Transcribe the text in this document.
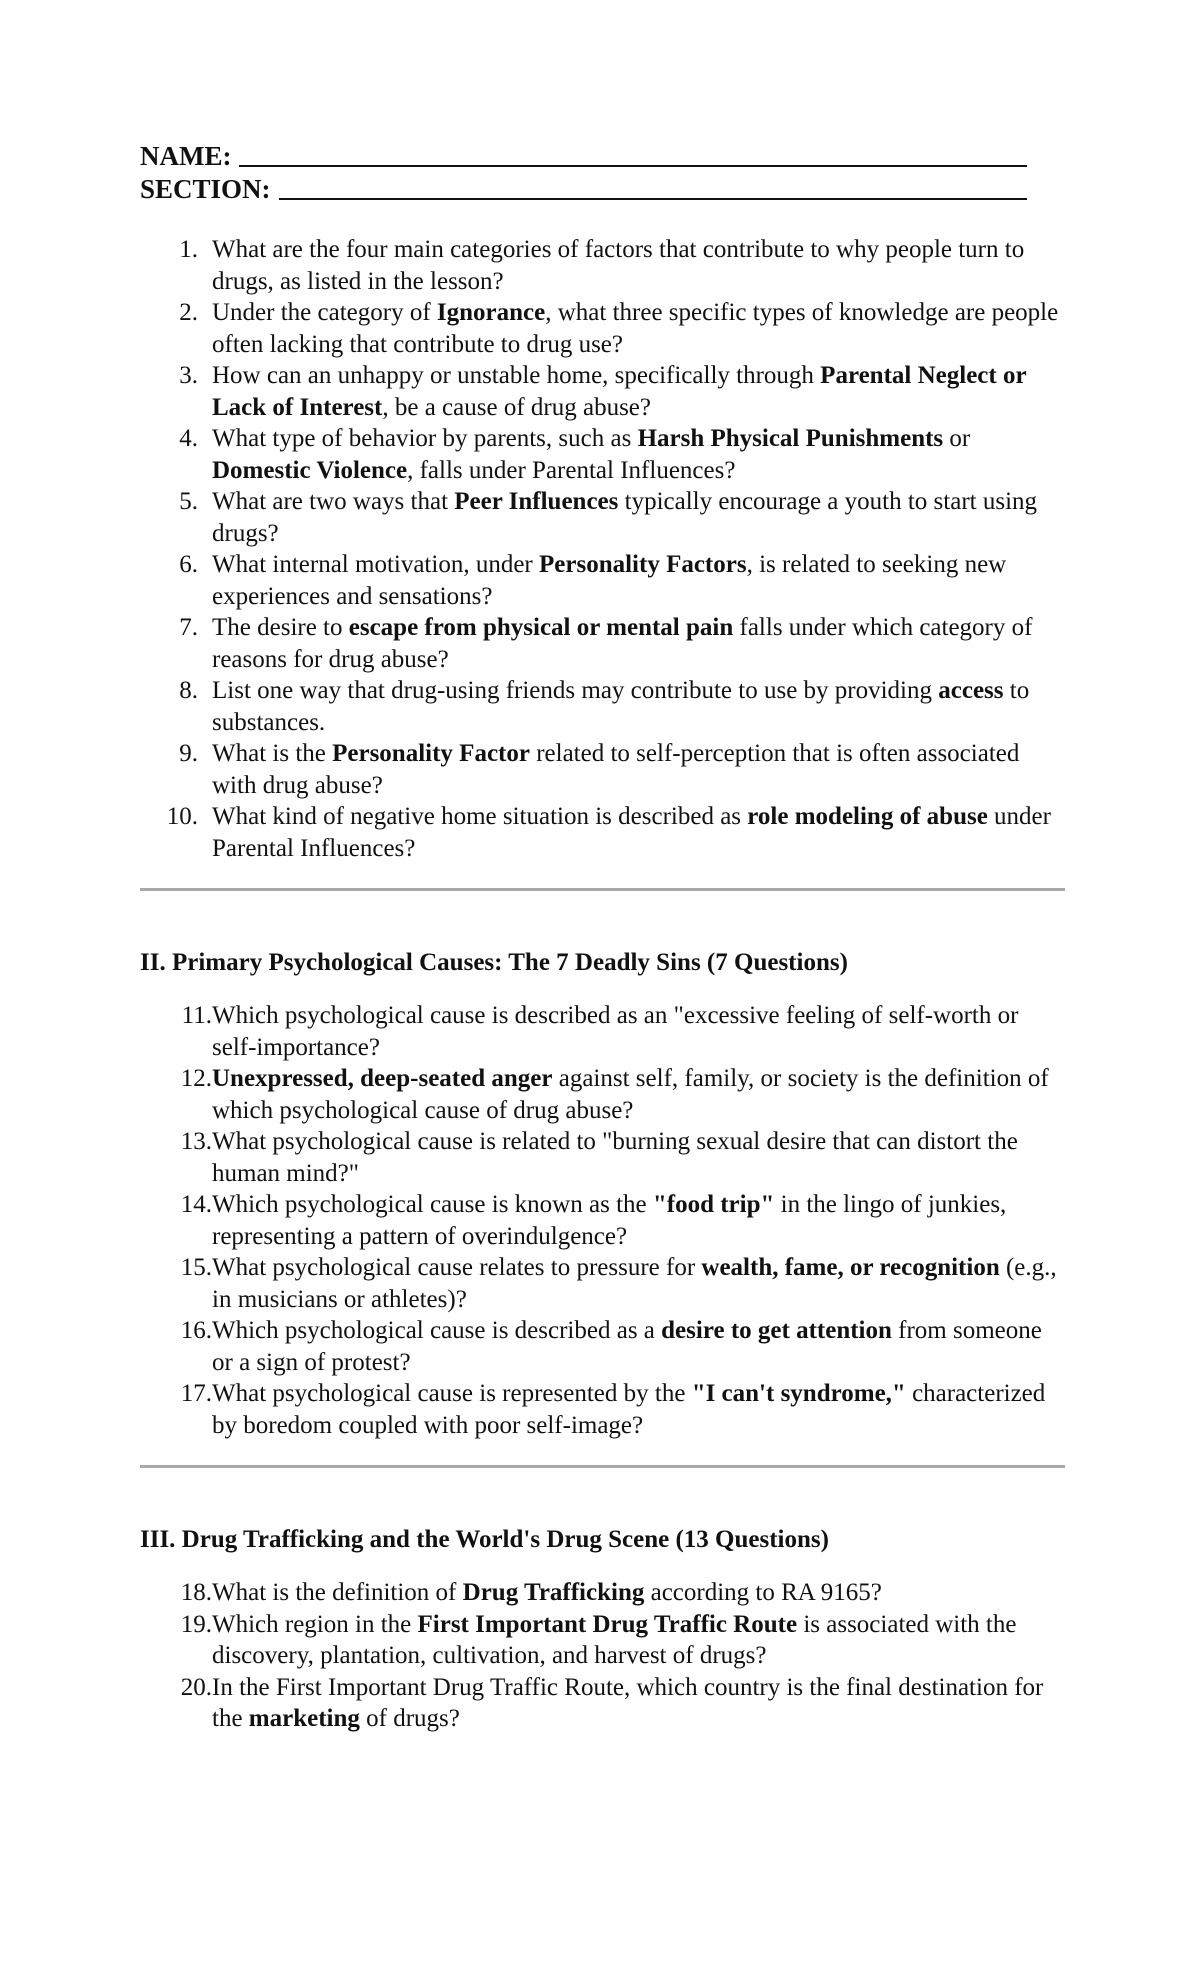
NAME:
SECTION:
1. What are the four main categories of factors that contribute to why people turn to drugs, as listed in the lesson?
2. Under the category of Ignorance, what three specific types of knowledge are people often lacking that contribute to drug use?
3. How can an unhappy or unstable home, specifically through Parental Neglect or Lack of Interest, be a cause of drug abuse?
4. What type of behavior by parents, such as Harsh Physical Punishments or Domestic Violence, falls under Parental Influences?
5. What are two ways that Peer Influences typically encourage a youth to start using drugs?
6. What internal motivation, under Personality Factors, is related to seeking new experiences and sensations?
7. The desire to escape from physical or mental pain falls under which category of reasons for drug abuse?
8. List one way that drug-using friends may contribute to use by providing access to substances.
9. What is the Personality Factor related to self-perception that is often associated with drug abuse?
10. What kind of negative home situation is described as role modeling of abuse under Parental Influences?
II. Primary Psychological Causes: The 7 Deadly Sins (7 Questions)
11. Which psychological cause is described as an "excessive feeling of self-worth or self-importance?
12. Unexpressed, deep-seated anger against self, family, or society is the definition of which psychological cause of drug abuse?
13. What psychological cause is related to "burning sexual desire that can distort the human mind?"
14. Which psychological cause is known as the "food trip" in the lingo of junkies, representing a pattern of overindulgence?
15. What psychological cause relates to pressure for wealth, fame, or recognition (e.g., in musicians or athletes)?
16. Which psychological cause is described as a desire to get attention from someone or a sign of protest?
17. What psychological cause is represented by the "I can't syndrome," characterized by boredom coupled with poor self-image?
III. Drug Trafficking and the World's Drug Scene (13 Questions)
18. What is the definition of Drug Trafficking according to RA 9165?
19. Which region in the First Important Drug Traffic Route is associated with the discovery, plantation, cultivation, and harvest of drugs?
20. In the First Important Drug Traffic Route, which country is the final destination for the marketing of drugs?
